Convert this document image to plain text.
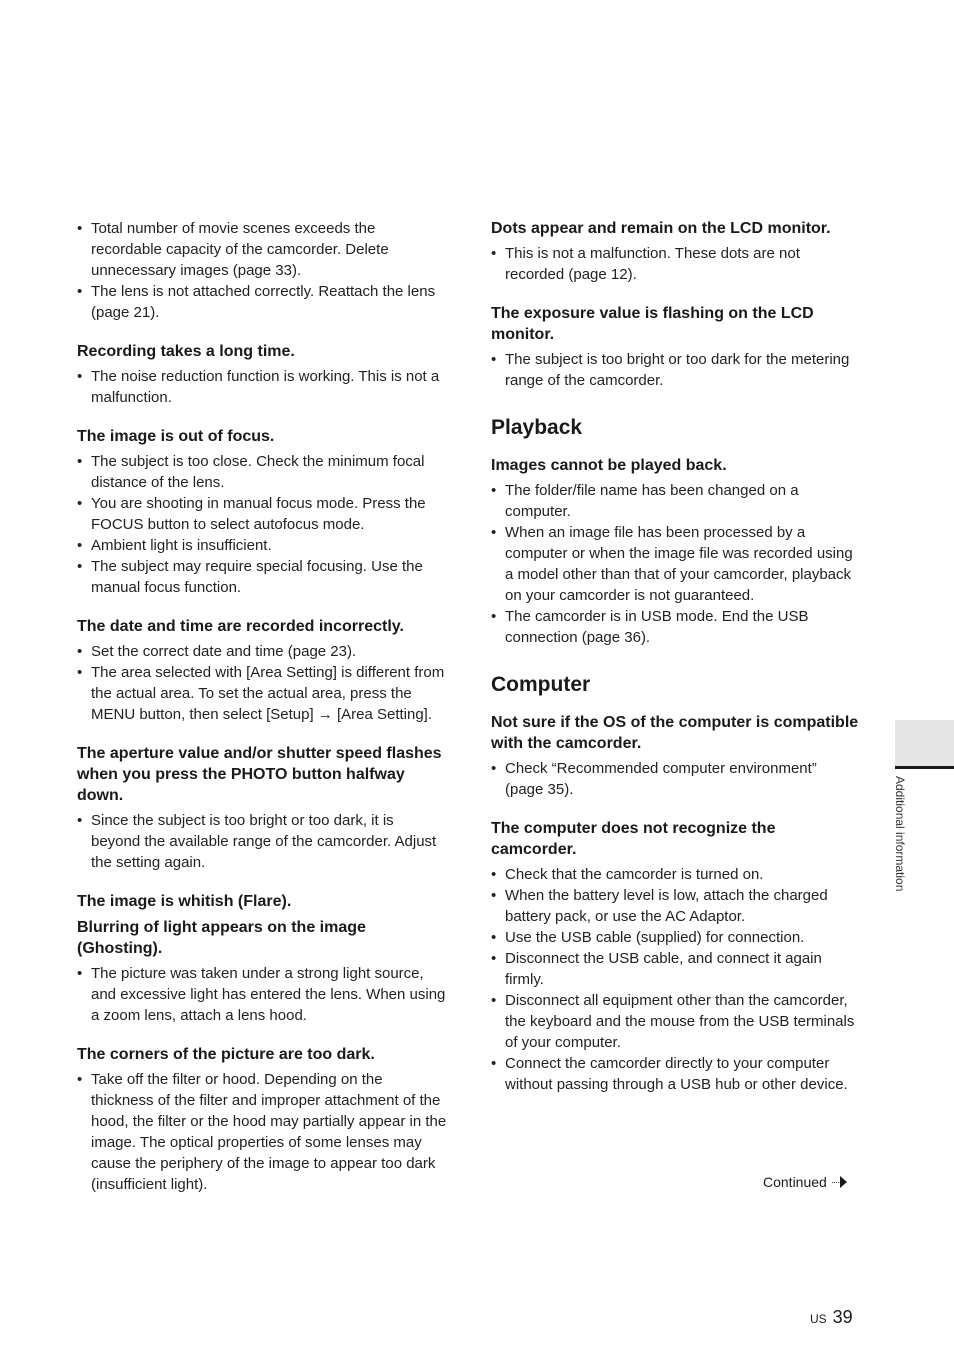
• Total number of movie scenes exceeds the recordable capacity of the camcorder. Delete unnecessary images (page 33).
• The lens is not attached correctly. Reattach the lens (page 21).
Recording takes a long time.
• The noise reduction function is working. This is not a malfunction.
The image is out of focus.
• The subject is too close. Check the minimum focal distance of the lens.
• You are shooting in manual focus mode. Press the FOCUS button to select autofocus mode.
• Ambient light is insufficient.
• The subject may require special focusing. Use the manual focus function.
The date and time are recorded incorrectly.
• Set the correct date and time (page 23).
• The area selected with [Area Setting] is different from the actual area. To set the actual area, press the MENU button, then select [Setup] → [Area Setting].
The aperture value and/or shutter speed flashes when you press the PHOTO button halfway down.
• Since the subject is too bright or too dark, it is beyond the available range of the camcorder. Adjust the setting again.
The image is whitish (Flare).
Blurring of light appears on the image (Ghosting).
• The picture was taken under a strong light source, and excessive light has entered the lens. When using a zoom lens, attach a lens hood.
The corners of the picture are too dark.
• Take off the filter or hood. Depending on the thickness of the filter and improper attachment of the hood, the filter or the hood may partially appear in the image. The optical properties of some lenses may cause the periphery of the image to appear too dark (insufficient light).
Dots appear and remain on the LCD monitor.
• This is not a malfunction. These dots are not recorded (page 12).
The exposure value is flashing on the LCD monitor.
• The subject is too bright or too dark for the metering range of the camcorder.
Playback
Images cannot be played back.
• The folder/file name has been changed on a computer.
• When an image file has been processed by a computer or when the image file was recorded using a model other than that of your camcorder, playback on your camcorder is not guaranteed.
• The camcorder is in USB mode. End the USB connection (page 36).
Computer
Not sure if the OS of the computer is compatible with the camcorder.
• Check “Recommended computer environment” (page 35).
The computer does not recognize the camcorder.
• Check that the camcorder is turned on.
• When the battery level is low, attach the charged battery pack, or use the AC Adaptor.
• Use the USB cable (supplied) for connection.
• Disconnect the USB cable, and connect it again firmly.
• Disconnect all equipment other than the camcorder, the keyboard and the mouse from the USB terminals of your computer.
• Connect the camcorder directly to your computer without passing through a USB hub or other device.
Additional information
Continued ····
US 39
